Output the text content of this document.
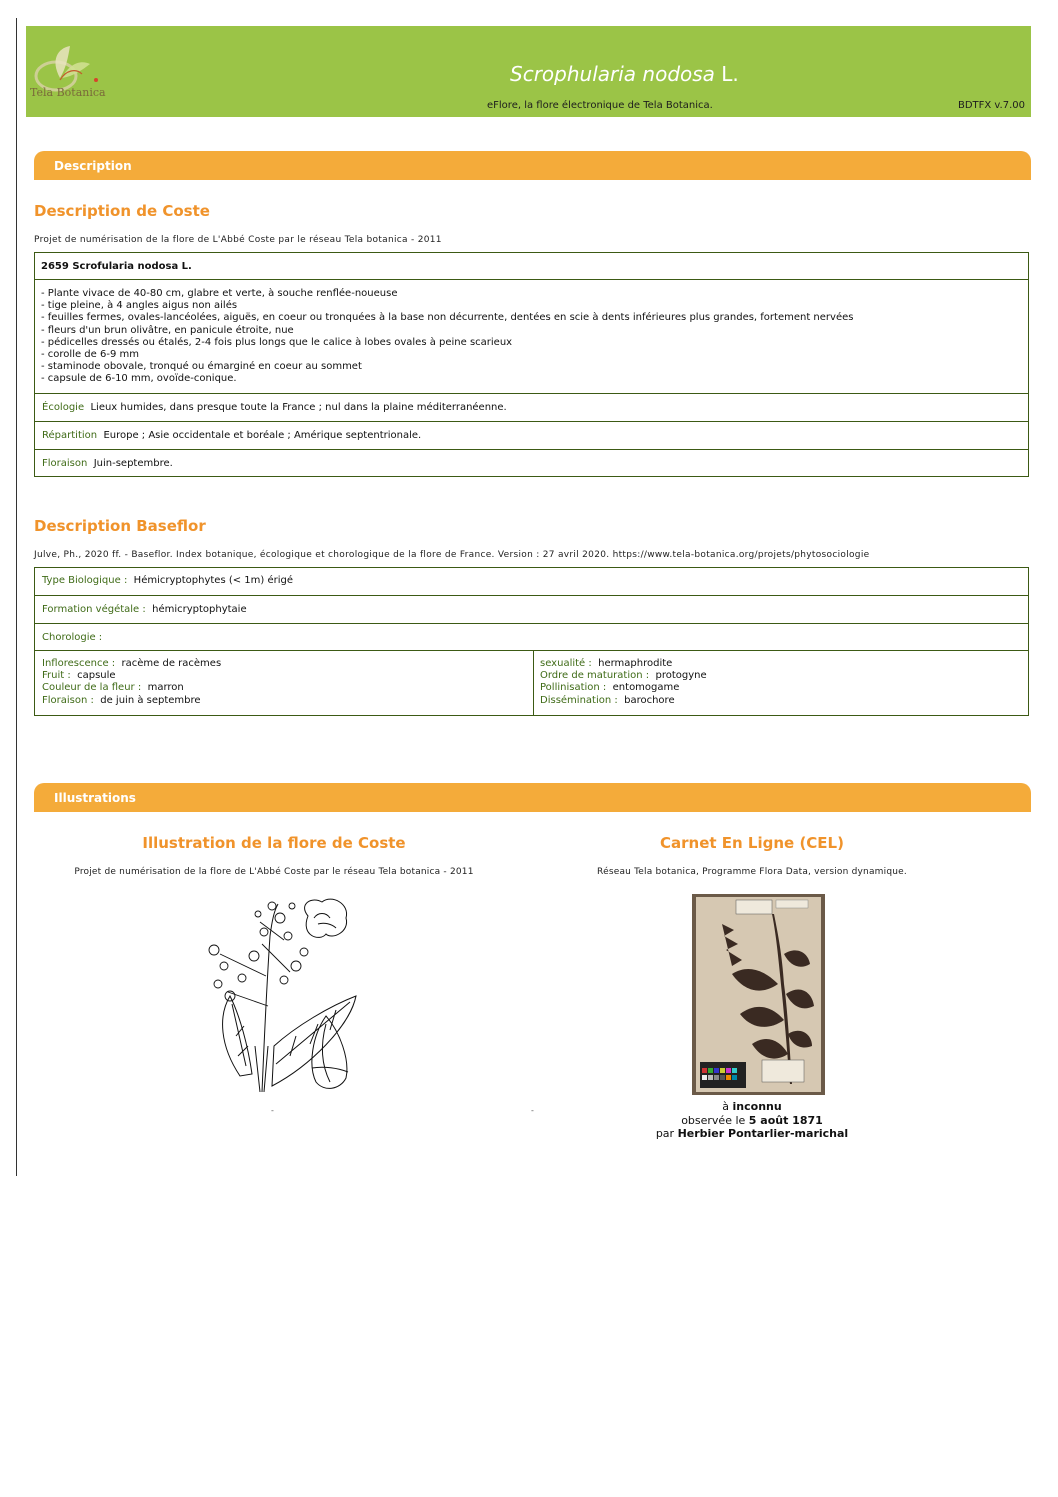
Tela Botanica
Scrophularia nodosa L.
eFlore, la flore électronique de Tela Botanica.	BDTFX v.7.00
Description
Description de Coste
Projet de numérisation de la flore de L'Abbé Coste par le réseau Tela botanica - 2011
2659 Scrofularia nodosa L.
- Plante vivace de 40-80 cm, glabre et verte, à souche renflée-noueuse
- tige pleine, à 4 angles aigus non ailés
- feuilles fermes, ovales-lancéolées, aiguës, en coeur ou tronquées à la base non décurrente, dentées en scie à dents inférieures plus grandes, fortement nervées
- fleurs d'un brun olivâtre, en panicule étroite, nue
- pédicelles dressés ou étalés, 2-4 fois plus longs que le calice à lobes ovales à peine scarieux
- corolle de 6-9 mm
- staminode obovale, tronqué ou émarginé en coeur au sommet
- capsule de 6-10 mm, ovoïde-conique.
Écologie Lieux humides, dans presque toute la France ; nul dans la plaine méditerranéenne.
Répartition Europe ; Asie occidentale et boréale ; Amérique septentrionale.
Floraison Juin-septembre.
Description Baseflor
Julve, Ph., 2020 ff. - Baseflor. Index botanique, écologique et chorologique de la flore de France. Version : 27 avril 2020. https://www.tela-botanica.org/projets/phytosociologie
Type Biologique : Hémicryptophytes (< 1m) érigé
Formation végétale : hémicryptophytaie
Chorologie :
Inflorescence : racème de racèmes
Fruit : capsule
Couleur de la fleur : marron
Floraison : de juin à septembre
sexualité : hermaphrodite
Ordre de maturation : protogyne
Pollinisation : entomogame
Dissémination : barochore
Illustrations
Illustration de la flore de Coste
Projet de numérisation de la flore de L'Abbé Coste par le réseau Tela botanica - 2011
-	-
Carnet En Ligne (CEL)
Réseau Tela botanica, Programme Flora Data, version dynamique.
à inconnu
observée le 5 août 1871
par Herbier Pontarlier-marichal
